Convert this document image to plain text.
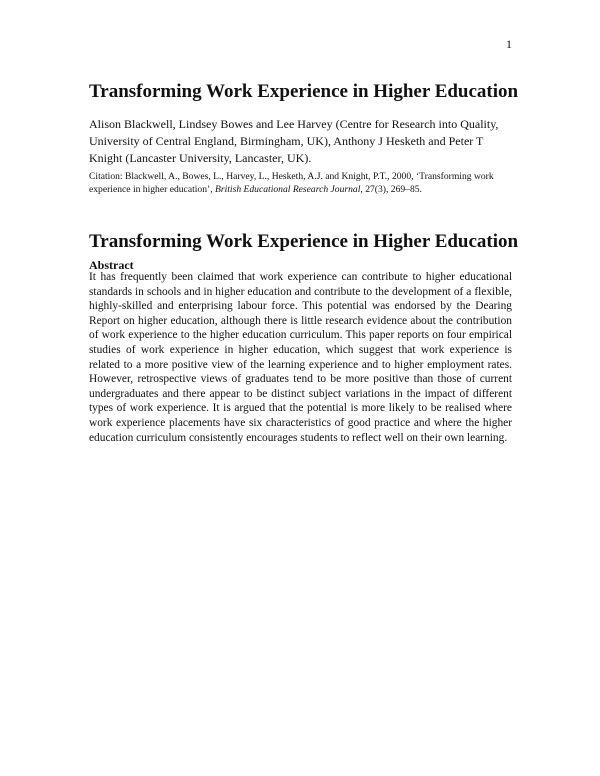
1
Transforming Work Experience in Higher Education

Alison Blackwell, Lindsey Bowes and Lee Harvey (Centre for Research into Quality, University of Central England, Birmingham, UK), Anthony J Hesketh and Peter T Knight (Lancaster University, Lancaster, UK).

Citation: Blackwell, A., Bowes, L., Harvey, L., Hesketh, A.J. and Knight, P.T., 2000, ‘Transforming work experience in higher education’, British Educational Research Journal, 27(3), 269–85.

Transforming Work Experience in Higher Education
Abstract

It has frequently been claimed that work experience can contribute to higher educational standards in schools and in higher education and contribute to the development of a flexible, highly-skilled and enterprising labour force. This potential was endorsed by the Dearing Report on higher education, although there is little research evidence about the contribution of work experience to the higher education curriculum. This paper reports on four empirical studies of work experience in higher education, which suggest that work experience is related to a more positive view of the learning experience and to higher employment rates. However, retrospective views of graduates tend to be more positive than those of current undergraduates and there appear to be distinct subject variations in the impact of different types of work experience. It is argued that the potential is more likely to be realised where work experience placements have six characteristics of good practice and where the higher education curriculum consistently encourages students to reflect well on their own learning.
